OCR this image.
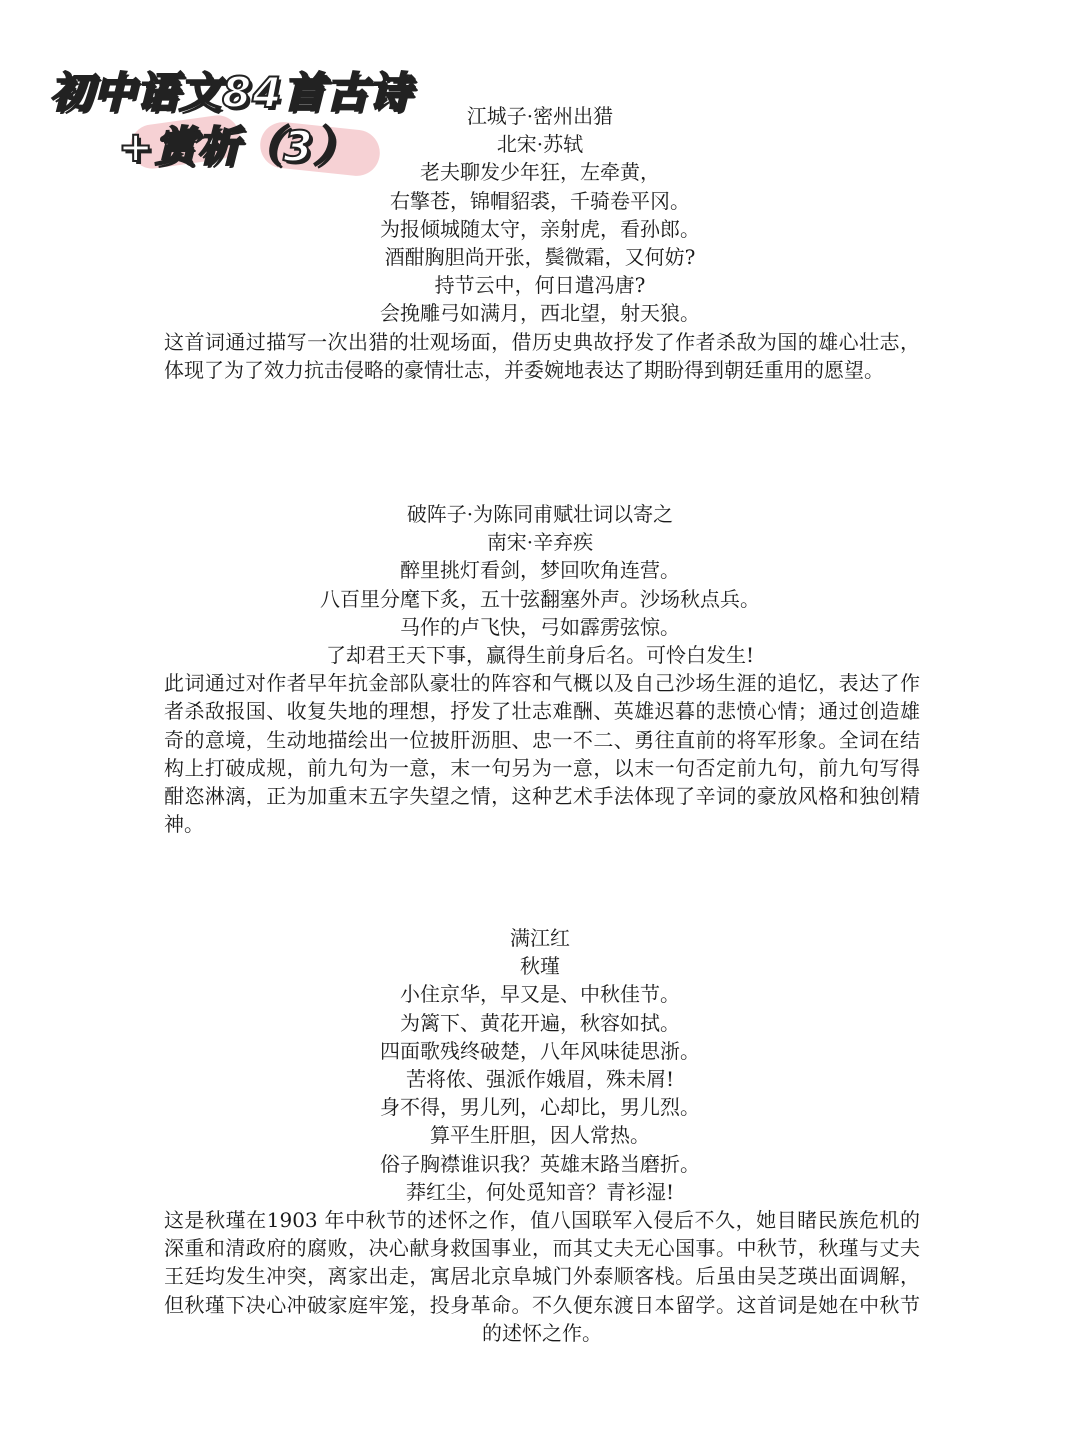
初中语文84首古诗
+赏析（3）
江城子·密州出猎
北宋·苏轼
老夫聊发少年狂，左牵黄，
右擎苍，锦帽貂裘，千骑卷平冈。
为报倾城随太守，亲射虎，看孙郎。
酒酣胸胆尚开张，鬓微霜，又何妨?
持节云中，何日遣冯唐?
会挽雕弓如满月，西北望，射天狼。

这首词通过描写一次出猎的壮观场面，借历史典故抒发了作者杀敌为国的雄心壮志，体现了为了效力抗击侵略的豪情壮志，并委婉地表达了期盼得到朝廷重用的愿望。

破阵子·为陈同甫赋壮词以寄之
南宋·辛弃疾
醉里挑灯看剑，梦回吹角连营。
八百里分麾下炙，五十弦翻塞外声。沙场秋点兵。
马作的卢飞快，弓如霹雳弦惊。
了却君王天下事，赢得生前身后名。可怜白发生!

此词通过对作者早年抗金部队豪壮的阵容和气概以及自己沙场生涯的追忆，表达了作者杀敌报国、收复失地的理想，抒发了壮志难酬、英雄迟暮的悲愤心情；通过创造雄奇的意境，生动地描绘出一位披肝沥胆、忠一不二、勇往直前的将军形象。全词在结构上打破成规，前九句为一意，末一句另为一意，以末一句否定前九句，前九句写得酣恣淋漓，正为加重末五字失望之情，这种艺术手法体现了辛词的豪放风格和独创精神。

满江红
秋瑾
小住京华，早又是、中秋佳节。
为篱下、黄花开遍，秋容如拭。
四面歌残终破楚，八年风味徒思浙。
苦将侬、强派作娥眉，殊未屑!
身不得，男儿列，心却比，男儿烈。
算平生肝胆，因人常热。
俗子胸襟谁识我？英雄末路当磨折。
莽红尘，何处觅知音？青衫湿!

这是秋瑾在1903 年中秋节的述怀之作，值八国联军入侵后不久，她目睹民族危机的深重和清政府的腐败，决心献身救国事业，而其丈夫无心国事。中秋节，秋瑾与丈夫王廷均发生冲突，离家出走，寓居北京阜城门外泰顺客栈。后虽由吴芝瑛出面调解，但秋瑾下决心冲破家庭牢笼，投身革命。不久便东渡日本留学。这首词是她在中秋节的述怀之作。
